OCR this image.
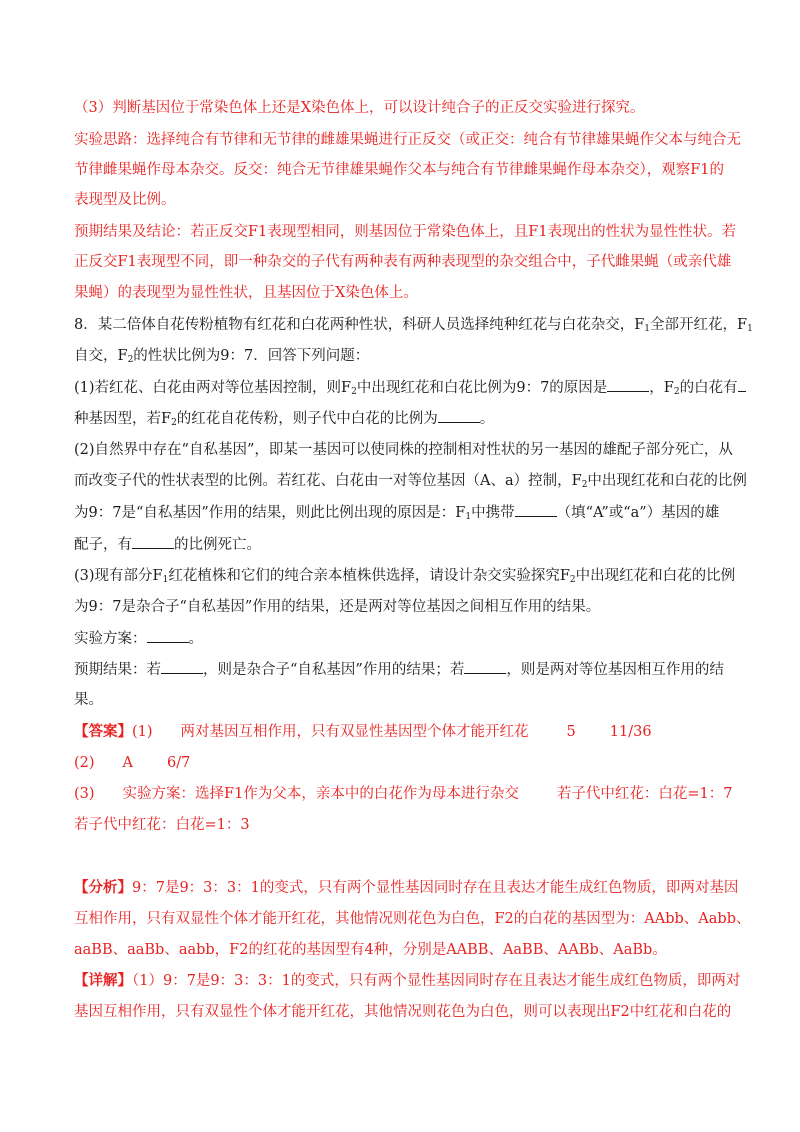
（3）判断基因位于常染色体上还是X染色体上，可以设计纯合子的正反交实验进行探究。
实验思路：选择纯合有节律和无节律的雌雄果蝇进行正反交（或正交：纯合有节律雄果蝇作父本与纯合无
节律雌果蝇作母本杂交。反交：纯合无节律雄果蝇作父本与纯合有节律雌果蝇作母本杂交），观察F1的
表现型及比例。
预期结果及结论：若正反交F1表现型相同，则基因位于常染色体上，且F1表现出的性状为显性性状。若
正反交F1表现型不同，即一种杂交的子代有两种表有两种表现型的杂交组合中，子代雌果蝇（或亲代雄
果蝇）的表现型为显性性状，且基因位于X染色体上。
8．某二倍体自花传粉植物有红花和白花两种性状，科研人员选择纯种红花与白花杂交，$F_1$全部开红花，$F_1$
自交，$F_2$的性状比例为9：7．回答下列问题：
(1)若红花、白花由两对等位基因控制，则$F_2$中出现红花和白花比例为9：7的原因是	，$F_2$的白花有
种基因型，若$F_2$的红花自花传粉，则子代中白花的比例为	。
(2)自然界中存在“自私基因”，即某一基因可以使同株的控制相对性状的另一基因的雄配子部分死亡，从
而改变子代的性状表型的比例。若红花、白花由一对等位基因（A、a）控制，$F_2$中出现红花和白花的比例
为9：7是“自私基因”作用的结果，则此比例出现的原因是：$F_1$中携带	（填“A”或“a”）基因的雄
配子，有	的比例死亡。
(3)现有部分$F_1$红花植株和它们的纯合亲本植株供选择，请设计杂交实验探究$F_2$中出现红花和白花的比例
为9：7是杂合子“自私基因”作用的结果，还是两对等位基因之间相互作用的结果。
实验方案：	。
预期结果：若	，则是杂合子“自私基因”作用的结果；若	，则是两对等位基因相互作用的结
果。
【答案】(1) 两对基因互相作用，只有双显性基因型个体才能开红花	5 11/36
(2) A 6/7
(3) 实验方案：选择F1作为父本，亲本中的白花作为母本进行杂交	若子代中红花：白花=1：7
若子代中红花：白花=1：3
【分析】9：7是9：3：3：1的变式，只有两个显性基因同时存在且表达才能生成红色物质，即两对基因
互相作用，只有双显性个体才能开红花，其他情况则花色为白色，F2的白花的基因型为：AAbb、Aabb、
aaBB、aaBb、aabb，F2的红花的基因型有4种，分别是AABB、AaBB、AABb、AaBb。
【详解】（1）9：7是9：3：3：1的变式，只有两个显性基因同时存在且表达才能生成红色物质，即两对
基因互相作用，只有双显性个体才能开红花，其他情况则花色为白色，则可以表现出F2中红花和白花的
